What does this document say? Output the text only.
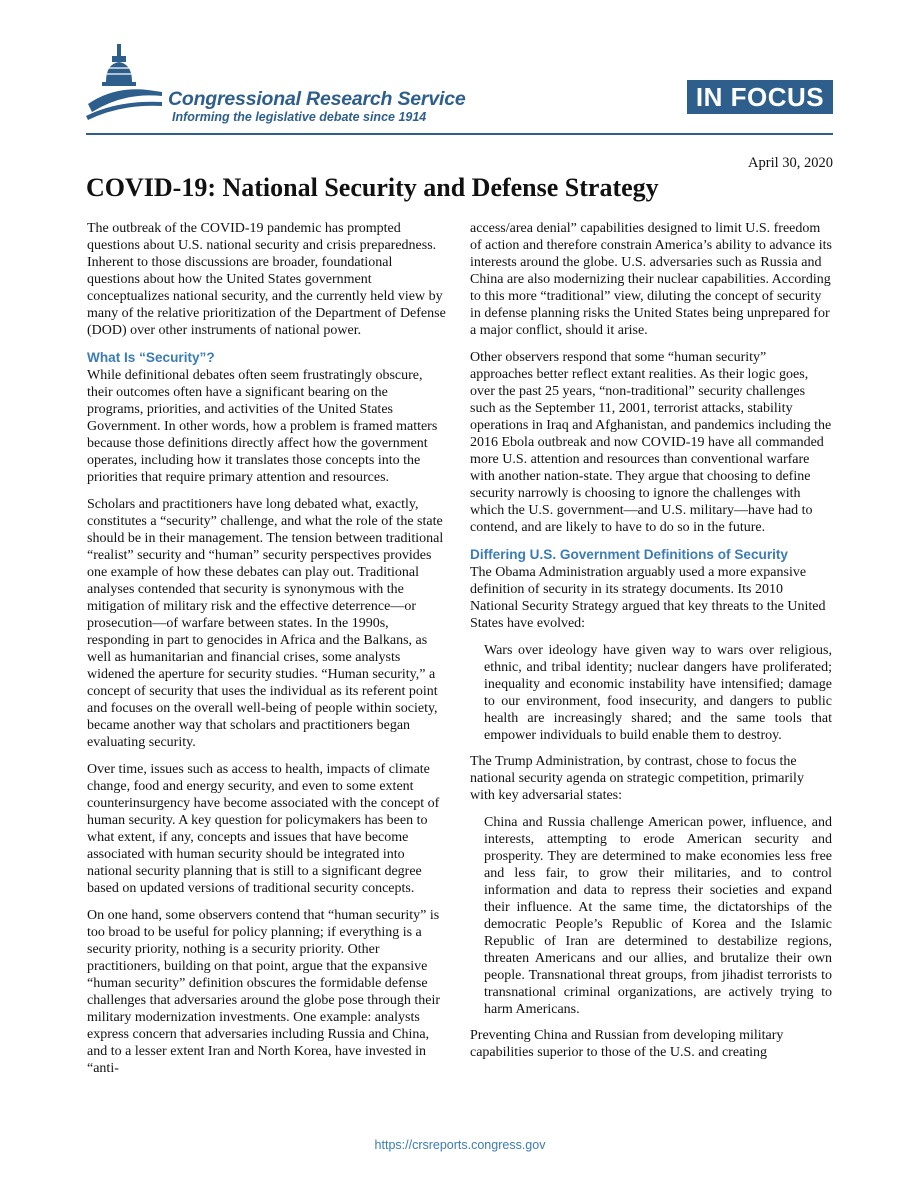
Congressional Research Service
Informing the legislative debate since 1914
IN FOCUS
April 30, 2020
COVID-19: National Security and Defense Strategy

The outbreak of the COVID-19 pandemic has prompted questions about U.S. national security and crisis preparedness. Inherent to those discussions are broader, foundational questions about how the United States government conceptualizes national security, and the currently held view by many of the relative prioritization of the Department of Defense (DOD) over other instruments of national power.

What Is “Security”?

While definitional debates often seem frustratingly obscure, their outcomes often have a significant bearing on the programs, priorities, and activities of the United States Government. In other words, how a problem is framed matters because those definitions directly affect how the government operates, including how it translates those concepts into the priorities that require primary attention and resources.

Scholars and practitioners have long debated what, exactly, constitutes a “security” challenge, and what the role of the state should be in their management. The tension between traditional “realist” security and “human” security perspectives provides one example of how these debates can play out. Traditional analyses contended that security is synonymous with the mitigation of military risk and the effective deterrence—or prosecution—of warfare between states. In the 1990s, responding in part to genocides in Africa and the Balkans, as well as humanitarian and financial crises, some analysts widened the aperture for security studies. “Human security,” a concept of security that uses the individual as its referent point and focuses on the overall well-being of people within society, became another way that scholars and practitioners began evaluating security.

Over time, issues such as access to health, impacts of climate change, food and energy security, and even to some extent counterinsurgency have become associated with the concept of human security. A key question for policymakers has been to what extent, if any, concepts and issues that have become associated with human security should be integrated into national security planning that is still to a significant degree based on updated versions of traditional security concepts.

On one hand, some observers contend that “human security” is too broad to be useful for policy planning; if everything is a security priority, nothing is a security priority. Other practitioners, building on that point, argue that the expansive “human security” definition obscures the formidable defense challenges that adversaries around the globe pose through their military modernization investments. One example: analysts express concern that adversaries including Russia and China, and to a lesser extent Iran and North Korea, have invested in “anti-

access/area denial” capabilities designed to limit U.S. freedom of action and therefore constrain America’s ability to advance its interests around the globe. U.S. adversaries such as Russia and China are also modernizing their nuclear capabilities. According to this more “traditional” view, diluting the concept of security in defense planning risks the United States being unprepared for a major conflict, should it arise.

Other observers respond that some “human security” approaches better reflect extant realities. As their logic goes, over the past 25 years, “non-traditional” security challenges such as the September 11, 2001, terrorist attacks, stability operations in Iraq and Afghanistan, and pandemics including the 2016 Ebola outbreak and now COVID-19 have all commanded more U.S. attention and resources than conventional warfare with another nation-state. They argue that choosing to define security narrowly is choosing to ignore the challenges with which the U.S. government—and U.S. military—have had to contend, and are likely to have to do so in the future.

Differing U.S. Government Definitions of Security

The Obama Administration arguably used a more expansive definition of security in its strategy documents. Its 2010 National Security Strategy argued that key threats to the United States have evolved:

Wars over ideology have given way to wars over religious, ethnic, and tribal identity; nuclear dangers have proliferated; inequality and economic instability have intensified; damage to our environment, food insecurity, and dangers to public health are increasingly shared; and the same tools that empower individuals to build enable them to destroy.

The Trump Administration, by contrast, chose to focus the national security agenda on strategic competition, primarily with key adversarial states:

China and Russia challenge American power, influence, and interests, attempting to erode American security and prosperity. They are determined to make economies less free and less fair, to grow their militaries, and to control information and data to repress their societies and expand their influence. At the same time, the dictatorships of the democratic People’s Republic of Korea and the Islamic Republic of Iran are determined to destabilize regions, threaten Americans and our allies, and brutalize their own people. Transnational threat groups, from jihadist terrorists to transnational criminal organizations, are actively trying to harm Americans.

Preventing China and Russian from developing military capabilities superior to those of the U.S. and creating

https://crsreports.congress.gov
